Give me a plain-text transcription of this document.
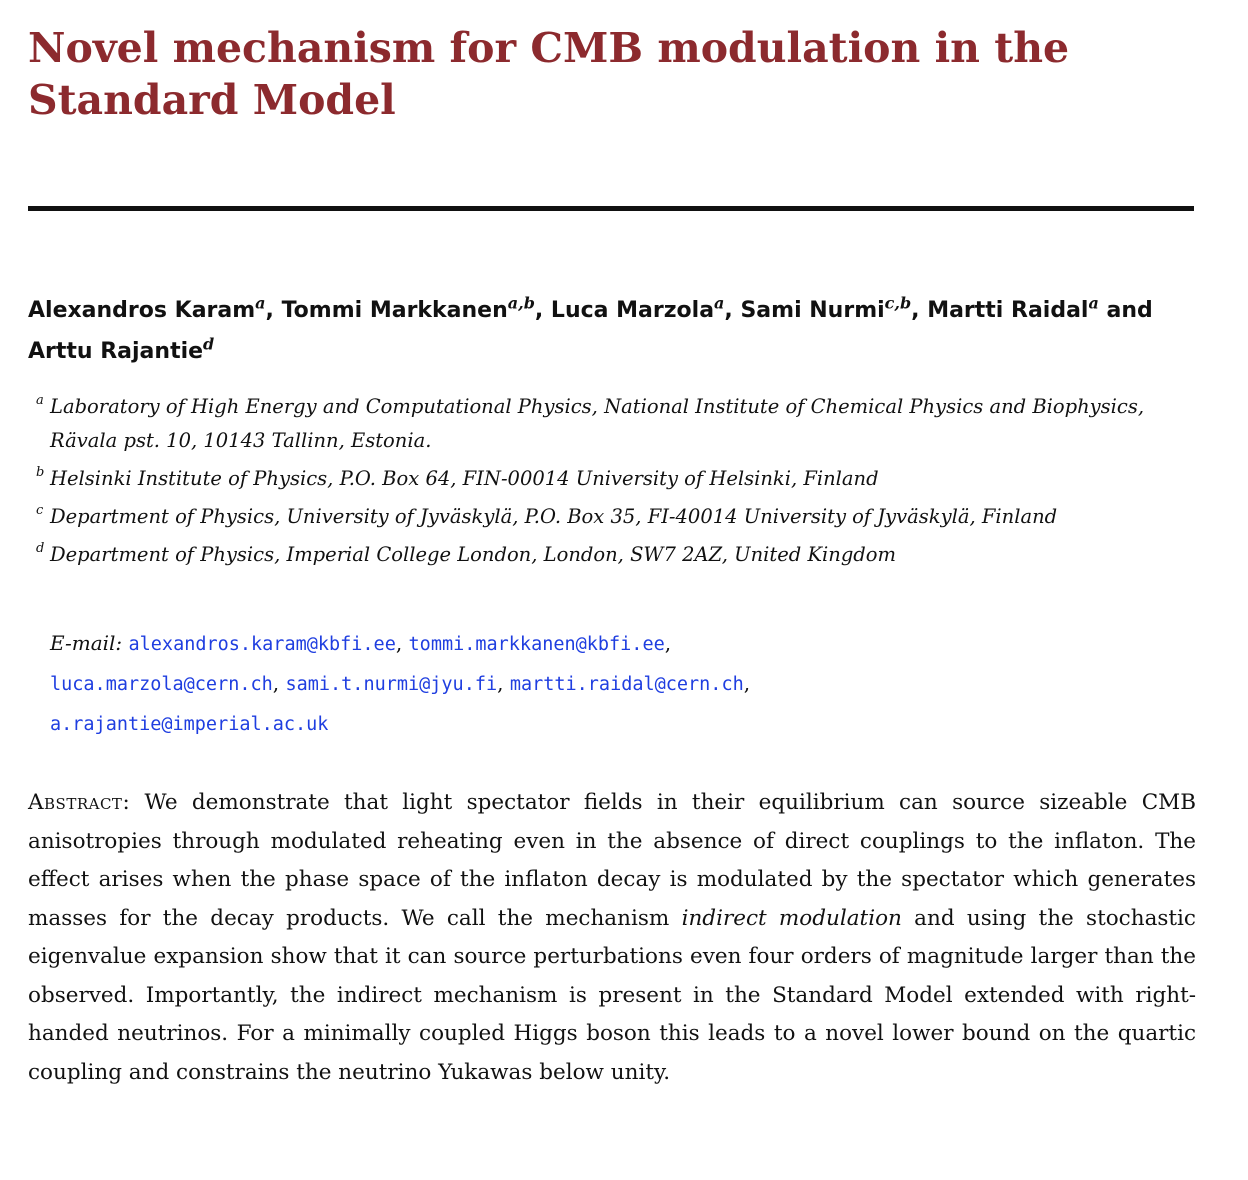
Novel mechanism for CMB modulation in the Standard Model
Alexandros Karam$^a$, Tommi Markkanen$^{a,b}$, Luca Marzola$^a$, Sami Nurmi$^{c,b}$, Martti Raidal$^a$ and Arttu Rajantie$^d$
a Laboratory of High Energy and Computational Physics, National Institute of Chemical Physics and Biophysics, Rävala pst. 10, 10143 Tallinn, Estonia.
b Helsinki Institute of Physics, P.O. Box 64, FIN-00014 University of Helsinki, Finland
c Department of Physics, University of Jyväskylä, P.O. Box 35, FI-40014 University of Jyväskylä, Finland
d Department of Physics, Imperial College London, London, SW7 2AZ, United Kingdom
E-mail: alexandros.karam@kbfi.ee, tommi.markkanen@kbfi.ee,
luca.marzola@cern.ch, sami.t.nurmi@jyu.fi, martti.raidal@cern.ch,
a.rajantie@imperial.ac.uk

Abstract: We demonstrate that light spectator fields in their equilibrium can source sizeable CMB anisotropies through modulated reheating even in the absence of direct couplings to the inflaton. The effect arises when the phase space of the inflaton decay is modulated by the spectator which generates masses for the decay products. We call the mechanism indirect modulation and using the stochastic eigenvalue expansion show that it can source perturbations even four orders of magnitude larger than the observed. Importantly, the indirect mechanism is present in the Standard Model extended with right-handed neutrinos. For a minimally coupled Higgs boson this leads to a novel lower bound on the quartic coupling and constrains the neutrino Yukawas below unity.
